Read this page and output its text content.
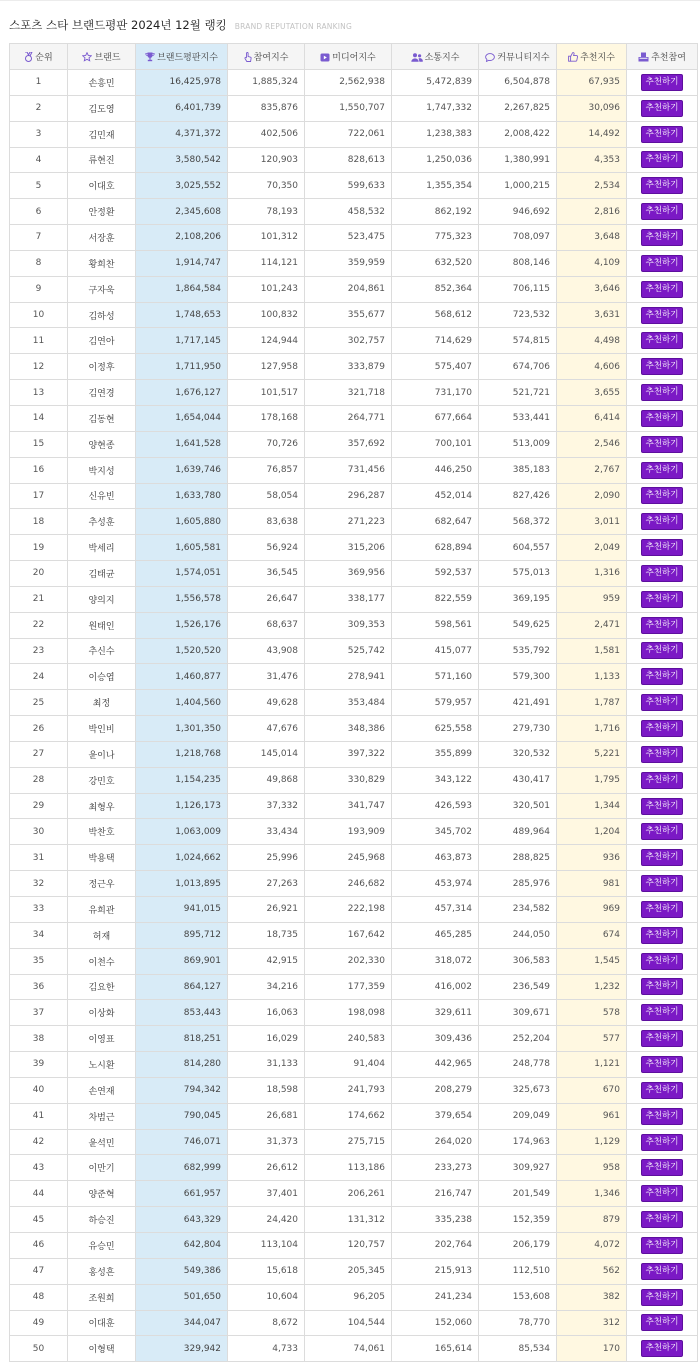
스포츠 스타 브랜드평판 2024년 12월 랭킹 BRAND REPUTATION RANKING
순위	브랜드	브랜드평판지수	참여지수	미디어지수	소통지수	커뮤니티지수	추천지수	추천참여
1	손흥민	16,425,978	1,885,324	2,562,938	5,472,839	6,504,878	67,935	추천하기
2	김도영	6,401,739	835,876	1,550,707	1,747,332	2,267,825	30,096	추천하기
3	김민재	4,371,372	402,506	722,061	1,238,383	2,008,422	14,492	추천하기
4	류현진	3,580,542	120,903	828,613	1,250,036	1,380,991	4,353	추천하기
5	이대호	3,025,552	70,350	599,633	1,355,354	1,000,215	2,534	추천하기
6	안정환	2,345,608	78,193	458,532	862,192	946,692	2,816	추천하기
7	서장훈	2,108,206	101,312	523,475	775,323	708,097	3,648	추천하기
8	황희찬	1,914,747	114,121	359,959	632,520	808,146	4,109	추천하기
9	구자욱	1,864,584	101,243	204,861	852,364	706,115	3,646	추천하기
10	김하성	1,748,653	100,832	355,677	568,612	723,532	3,631	추천하기
11	김연아	1,717,145	124,944	302,757	714,629	574,815	4,498	추천하기
12	이정후	1,711,950	127,958	333,879	575,407	674,706	4,606	추천하기
13	김연경	1,676,127	101,517	321,718	731,170	521,721	3,655	추천하기
14	김동현	1,654,044	178,168	264,771	677,664	533,441	6,414	추천하기
15	양현종	1,641,528	70,726	357,692	700,101	513,009	2,546	추천하기
16	박지성	1,639,746	76,857	731,456	446,250	385,183	2,767	추천하기
17	신유빈	1,633,780	58,054	296,287	452,014	827,426	2,090	추천하기
18	추성훈	1,605,880	83,638	271,223	682,647	568,372	3,011	추천하기
19	박세리	1,605,581	56,924	315,206	628,894	604,557	2,049	추천하기
20	김태균	1,574,051	36,545	369,956	592,537	575,013	1,316	추천하기
21	양의지	1,556,578	26,647	338,177	822,559	369,195	959	추천하기
22	원태인	1,526,176	68,637	309,353	598,561	549,625	2,471	추천하기
23	추신수	1,520,520	43,908	525,742	415,077	535,792	1,581	추천하기
24	이승엽	1,460,877	31,476	278,941	571,160	579,300	1,133	추천하기
25	최정	1,404,560	49,628	353,484	579,957	421,491	1,787	추천하기
26	박인비	1,301,350	47,676	348,386	625,558	279,730	1,716	추천하기
27	윤이나	1,218,768	145,014	397,322	355,899	320,532	5,221	추천하기
28	강민호	1,154,235	49,868	330,829	343,122	430,417	1,795	추천하기
29	최형우	1,126,173	37,332	341,747	426,593	320,501	1,344	추천하기
30	박찬호	1,063,009	33,434	193,909	345,702	489,964	1,204	추천하기
31	박용택	1,024,662	25,996	245,968	463,873	288,825	936	추천하기
32	정근우	1,013,895	27,263	246,682	453,974	285,976	981	추천하기
33	유희관	941,015	26,921	222,198	457,314	234,582	969	추천하기
34	허재	895,712	18,735	167,642	465,285	244,050	674	추천하기
35	이천수	869,901	42,915	202,330	318,072	306,583	1,545	추천하기
36	김요한	864,127	34,216	177,359	416,002	236,549	1,232	추천하기
37	이상화	853,443	16,063	198,098	329,611	309,671	578	추천하기
38	이영표	818,251	16,029	240,583	309,436	252,204	577	추천하기
39	노시환	814,280	31,133	91,404	442,965	248,778	1,121	추천하기
40	손연재	794,342	18,598	241,793	208,279	325,673	670	추천하기
41	차범근	790,045	26,681	174,662	379,654	209,049	961	추천하기
42	윤석민	746,071	31,373	275,715	264,020	174,963	1,129	추천하기
43	이만기	682,999	26,612	113,186	233,273	309,927	958	추천하기
44	양준혁	661,957	37,401	206,261	216,747	201,549	1,346	추천하기
45	하승진	643,329	24,420	131,312	335,238	152,359	879	추천하기
46	유승민	642,804	113,104	120,757	202,764	206,179	4,072	추천하기
47	홍성흔	549,386	15,618	205,345	215,913	112,510	562	추천하기
48	조원희	501,650	10,604	96,205	241,234	153,608	382	추천하기
49	이대훈	344,047	8,672	104,544	152,060	78,770	312	추천하기
50	이형택	329,942	4,733	74,061	165,614	85,534	170	추천하기
